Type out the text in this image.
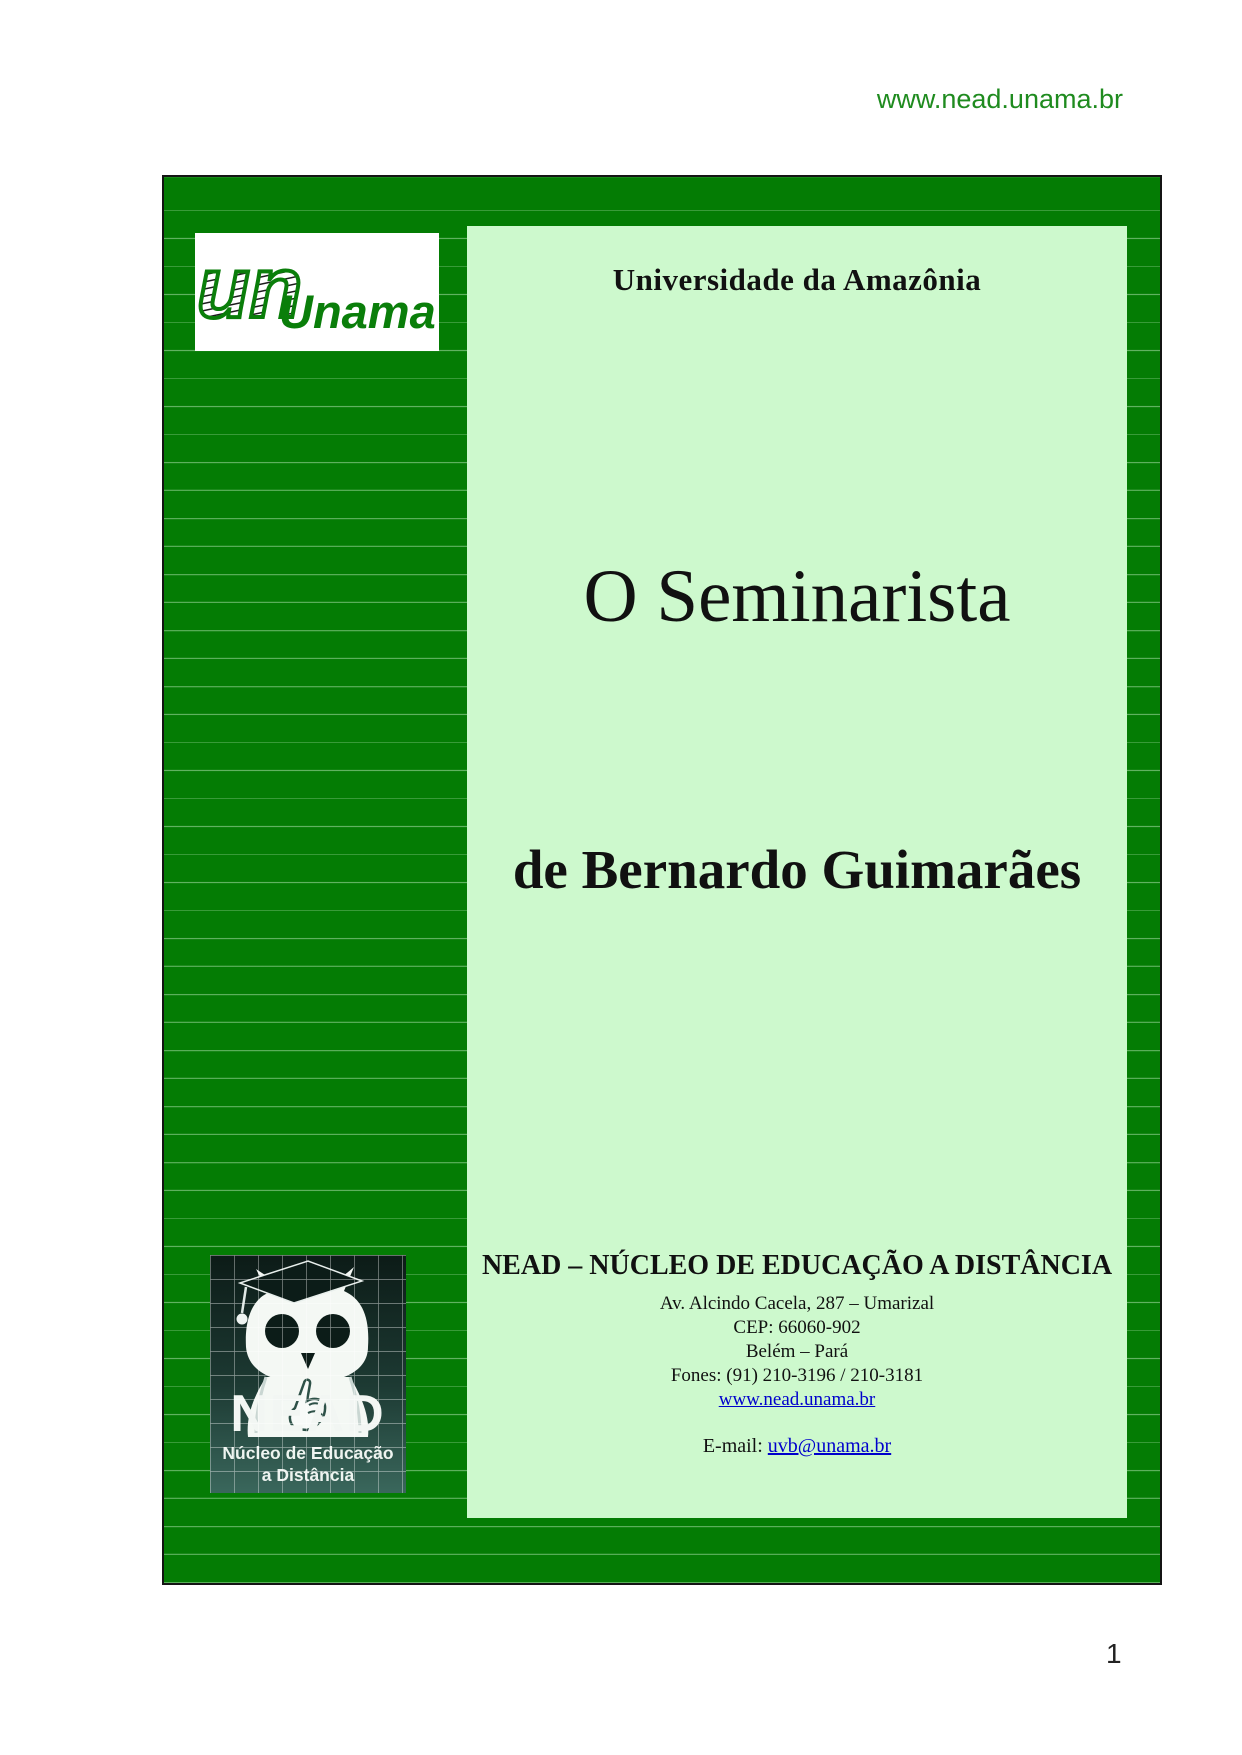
www.nead.unama.br
un
Unama
Universidade da Amazônia
O Seminarista
de Bernardo Guimarães

NEAD – NÚCLEO DE EDUCAÇÃO A DISTÂNCIA

Av. Alcindo Cacela, 287 – Umarizal

CEP: 66060-902

Belém – Pará

Fones: (91) 210-3196 / 210-3181

www.nead.unama.br

E-mail: uvb@unama.br

1
